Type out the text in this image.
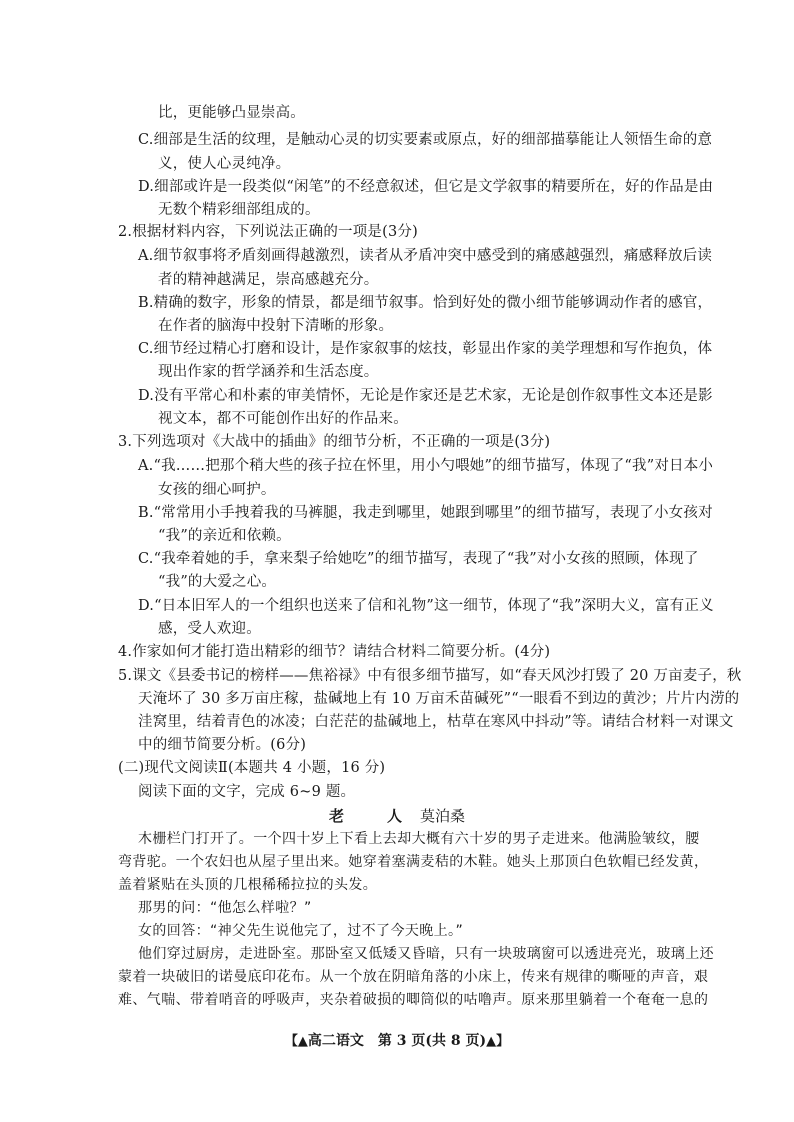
比，更能够凸显崇高。
C.细部是生活的纹理，是触动心灵的切实要素或原点，好的细部描摹能让人领悟生命的意
义，使人心灵纯净。
D.细部或许是一段类似“闲笔”的不经意叙述，但它是文学叙事的精要所在，好的作品是由
无数个精彩细部组成的。
2.根据材料内容，下列说法正确的一项是(3分)
A.细节叙事将矛盾刻画得越激烈，读者从矛盾冲突中感受到的痛感越强烈，痛感释放后读
者的精神越满足，崇高感越充分。
B.精确的数字，形象的情景，都是细节叙事。恰到好处的微小细节能够调动作者的感官，
在作者的脑海中投射下清晰的形象。
C.细节经过精心打磨和设计，是作家叙事的炫技，彰显出作家的美学理想和写作抱负，体
现出作家的哲学涵养和生活态度。
D.没有平常心和朴素的审美情怀，无论是作家还是艺术家，无论是创作叙事性文本还是影
视文本，都不可能创作出好的作品来。
3.下列选项对《大战中的插曲》的细节分析，不正确的一项是(3分)
A.“我……把那个稍大些的孩子拉在怀里，用小勺喂她”的细节描写，体现了“我”对日本小
女孩的细心呵护。
B.“常常用小手拽着我的马裤腿，我走到哪里，她跟到哪里”的细节描写，表现了小女孩对
“我”的亲近和依赖。
C.“我牵着她的手，拿来梨子给她吃”的细节描写，表现了“我”对小女孩的照顾，体现了
“我”的大爱之心。
D.“日本旧军人的一个组织也送来了信和礼物”这一细节，体现了“我”深明大义，富有正义
感，受人欢迎。
4.作家如何才能打造出精彩的细节？请结合材料二简要分析。(4分)
5.课文《县委书记的榜样——焦裕禄》中有很多细节描写，如“春天风沙打毁了 20 万亩麦子，秋
天淹坏了 30 多万亩庄稼，盐碱地上有 10 万亩禾苗碱死”“一眼看不到边的黄沙；片片内涝的
洼窝里，结着青色的冰凌；白茫茫的盐碱地上，枯草在寒风中抖动”等。请结合材料一对课文
中的细节简要分析。(6分)
(二)现代文阅读Ⅱ(本题共 4 小题，16 分)
阅读下面的文字，完成 6~9 题。
老　人 莫泊桑
木栅栏门打开了。一个四十岁上下看上去却大概有六十岁的男子走进来。他满脸皱纹，腰
弯背驼。一个农妇也从屋子里出来。她穿着塞满麦秸的木鞋。她头上那顶白色软帽已经发黄，
盖着紧贴在头顶的几根稀稀拉拉的头发。
那男的问：“他怎么样啦？”
女的回答：“神父先生说他完了，过不了今天晚上。”
他们穿过厨房，走进卧室。那卧室又低矮又昏暗，只有一块玻璃窗可以透进亮光，玻璃上还
蒙着一块破旧的诺曼底印花布。从一个放在阴暗角落的小床上，传来有规律的嘶哑的声音，艰
难、气喘、带着哨音的呼吸声，夹杂着破损的唧筒似的咕噜声。原来那里躺着一个奄奄一息的
【▲高二语文　第 3 页(共 8 页)▲】
